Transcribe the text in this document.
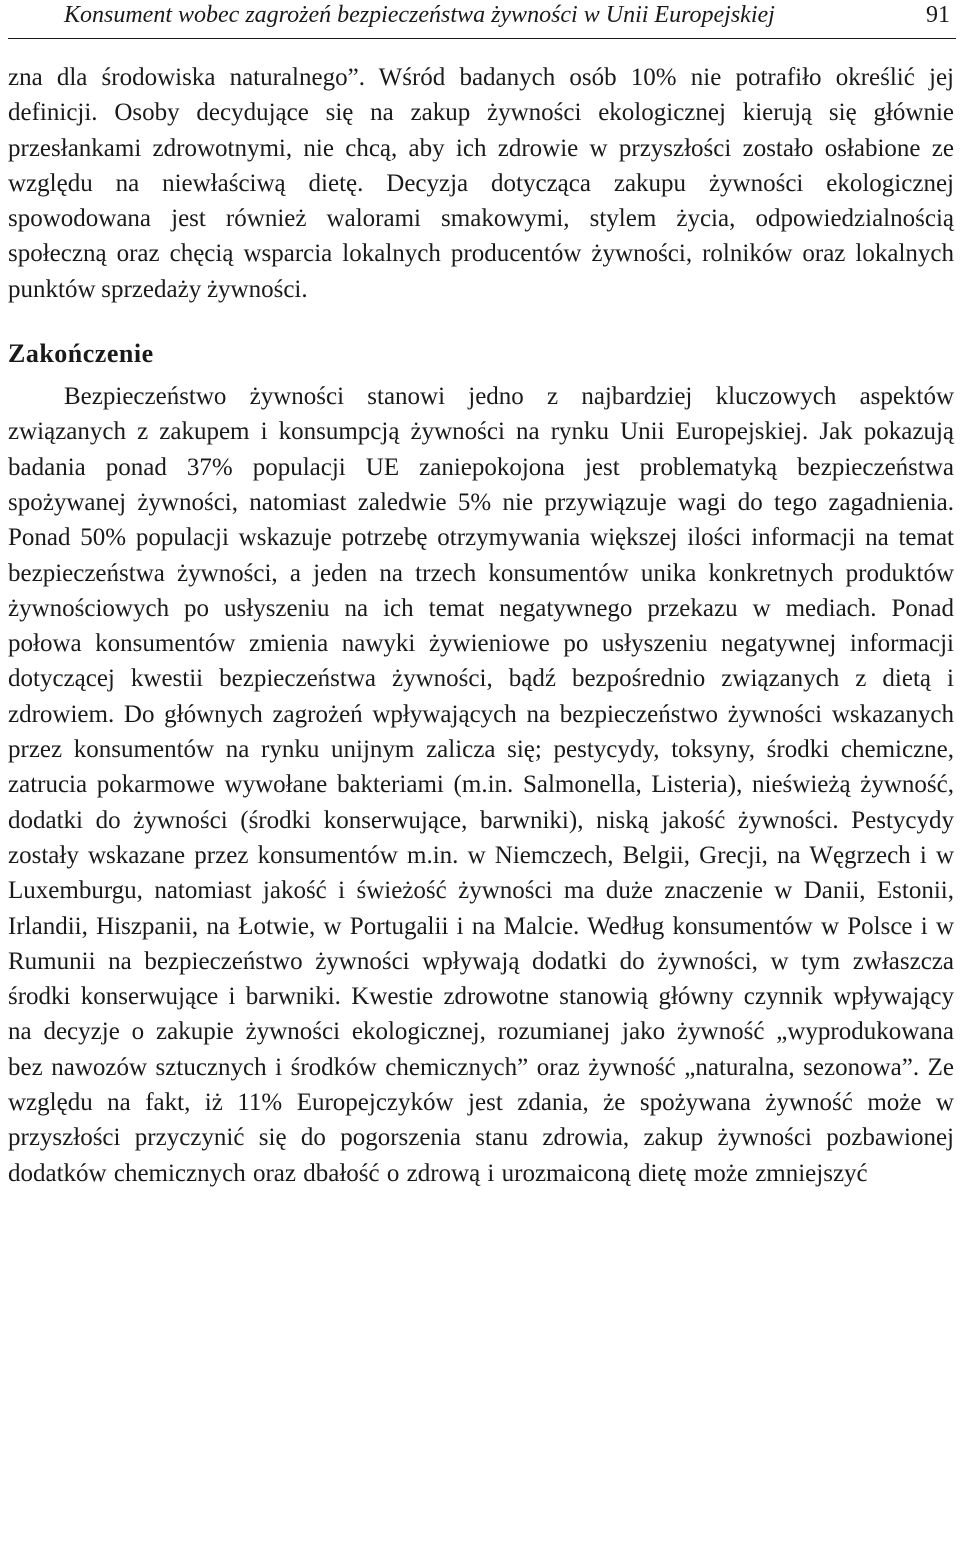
Konsument wobec zagrożeń bezpieczeństwa żywności w Unii Europejskiej	91

zna dla środowiska naturalnego”. Wśród badanych osób 10% nie potrafiło określić jej definicji. Osoby decydujące się na zakup żywności ekologicznej kierują się głównie przesłankami zdrowotnymi, nie chcą, aby ich zdrowie w przyszłości zostało osłabione ze względu na niewłaściwą dietę. Decyzja dotycząca zakupu żywności ekologicznej spowodowana jest również walorami smakowymi, stylem życia, odpowiedzialnością społeczną oraz chęcią wsparcia lokalnych producentów żywności, rolników oraz lokalnych punktów sprzedaży żywności.

Zakończenie

Bezpieczeństwo żywności stanowi jedno z najbardziej kluczowych aspektów związanych z zakupem i konsumpcją żywności na rynku Unii Europejskiej. Jak pokazują badania ponad 37% populacji UE zaniepokojona jest problematyką bezpieczeństwa spożywanej żywności, natomiast zaledwie 5% nie przywiązuje wagi do tego zagadnienia. Ponad 50% populacji wskazuje potrzebę otrzymywania większej ilości informacji na temat bezpieczeństwa żywności, a jeden na trzech konsumentów unika konkretnych produktów żywnościowych po usłyszeniu na ich temat negatywnego przekazu w mediach. Ponad połowa konsumentów zmienia nawyki żywieniowe po usłyszeniu negatywnej informacji dotyczącej kwestii bezpieczeństwa żywności, bądź bezpośrednio związanych z dietą i zdrowiem. Do głównych zagrożeń wpływających na bezpieczeństwo żywności wskazanych przez konsumentów na rynku unijnym zalicza się; pestycydy, toksyny, środki chemiczne, zatrucia pokarmowe wywołane bakteriami (m.in. Salmonella, Listeria), nieświeżą żywność, dodatki do żywności (środki konserwujące, barwniki), niską jakość żywności. Pestycydy zostały wskazane przez konsumentów m.in. w Niemczech, Belgii, Grecji, na Węgrzech i w Luxemburgu, natomiast jakość i świeżość żywności ma duże znaczenie w Danii, Estonii, Irlandii, Hiszpanii, na Łotwie, w Portugalii i na Malcie. Według konsumentów w Polsce i w Rumunii na bezpieczeństwo żywności wpływają dodatki do żywności, w tym zwłaszcza środki konserwujące i barwniki. Kwestie zdrowotne stanowią główny czynnik wpływający na decyzje o zakupie żywności ekologicznej, rozumianej jako żywność „wyprodukowana bez nawozów sztucznych i środków chemicznych” oraz żywność „naturalna, sezonowa”. Ze względu na fakt, iż 11% Europejczyków jest zdania, że spożywana żywność może w przyszłości przyczynić się do pogorszenia stanu zdrowia, zakup żywności pozbawionej dodatków chemicznych oraz dbałość o zdrową i urozmaiconą dietę może zmniejszyć
